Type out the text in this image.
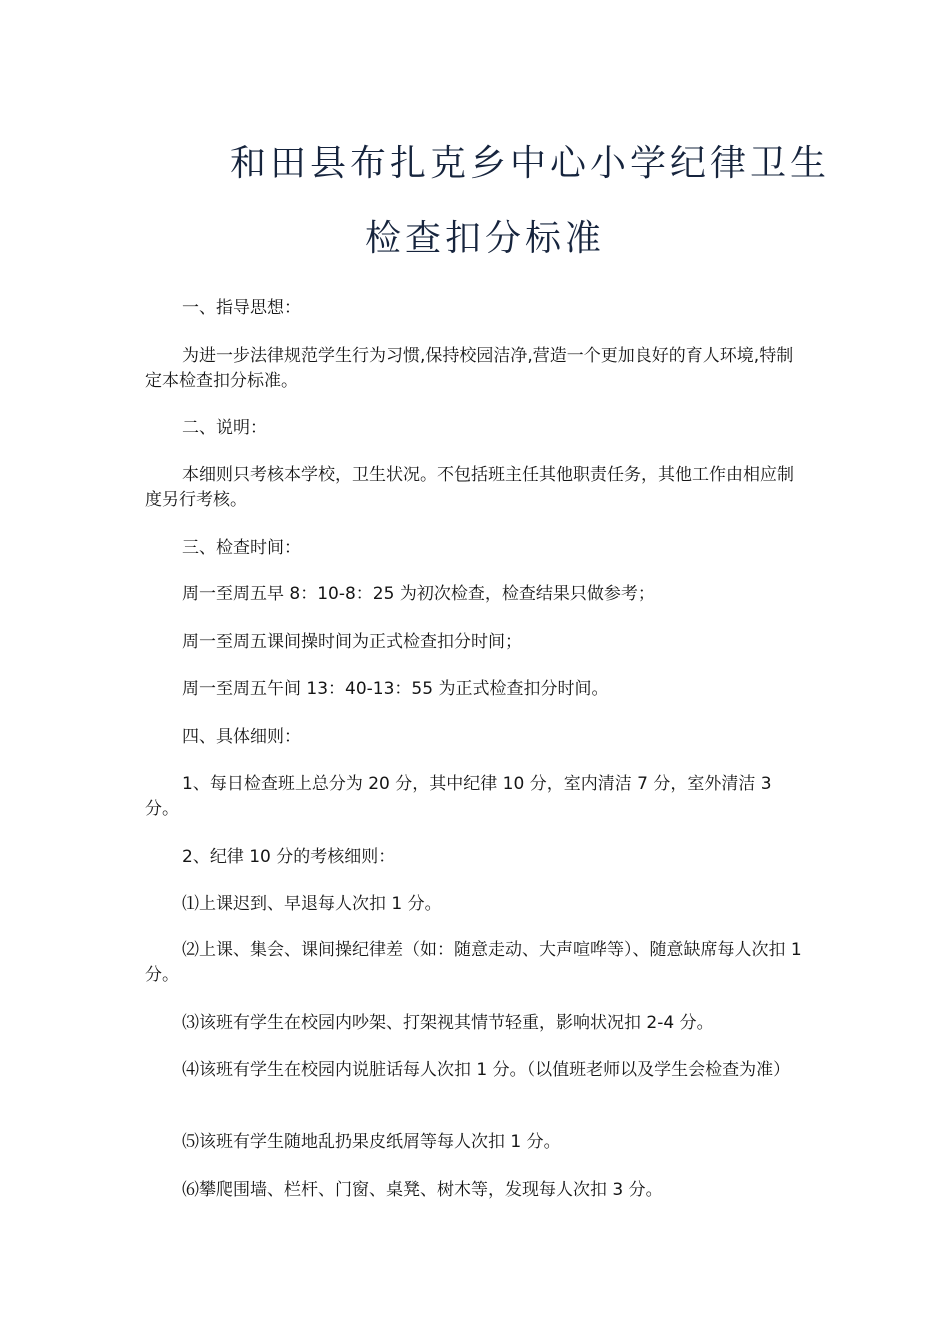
和田县布扎克乡中心小学纪律卫生
检查扣分标准

一、指导思想：

为进一步法律规范学生行为习惯,保持校园洁净,营造一个更加良好的育人环境,特制定本检查扣分标准。

二、说明：

本细则只考核本学校，卫生状况。不包括班主任其他职责任务，其他工作由相应制度另行考核。

三、检查时间：

周一至周五早 8：10-8：25 为初次检查，检查结果只做参考；

周一至周五课间操时间为正式检查扣分时间；

周一至周五午间 13：40-13：55 为正式检查扣分时间。

四、具体细则：

1、每日检查班上总分为 20 分，其中纪律 10 分，室内清洁 7 分，室外清洁 3 分。

2、纪律 10 分的考核细则：

⑴上课迟到、早退每人次扣 1 分。

⑵上课、集会、课间操纪律差（如：随意走动、大声喧哗等）、随意缺席每人次扣 1 分。

⑶该班有学生在校园内吵架、打架视其情节轻重，影响状况扣 2-4 分。

⑷该班有学生在校园内说脏话每人次扣 1 分。（以值班老师以及学生会检查为准）

⑸该班有学生随地乱扔果皮纸屑等每人次扣 1 分。

⑹攀爬围墙、栏杆、门窗、桌凳、树木等，发现每人次扣 3 分。
